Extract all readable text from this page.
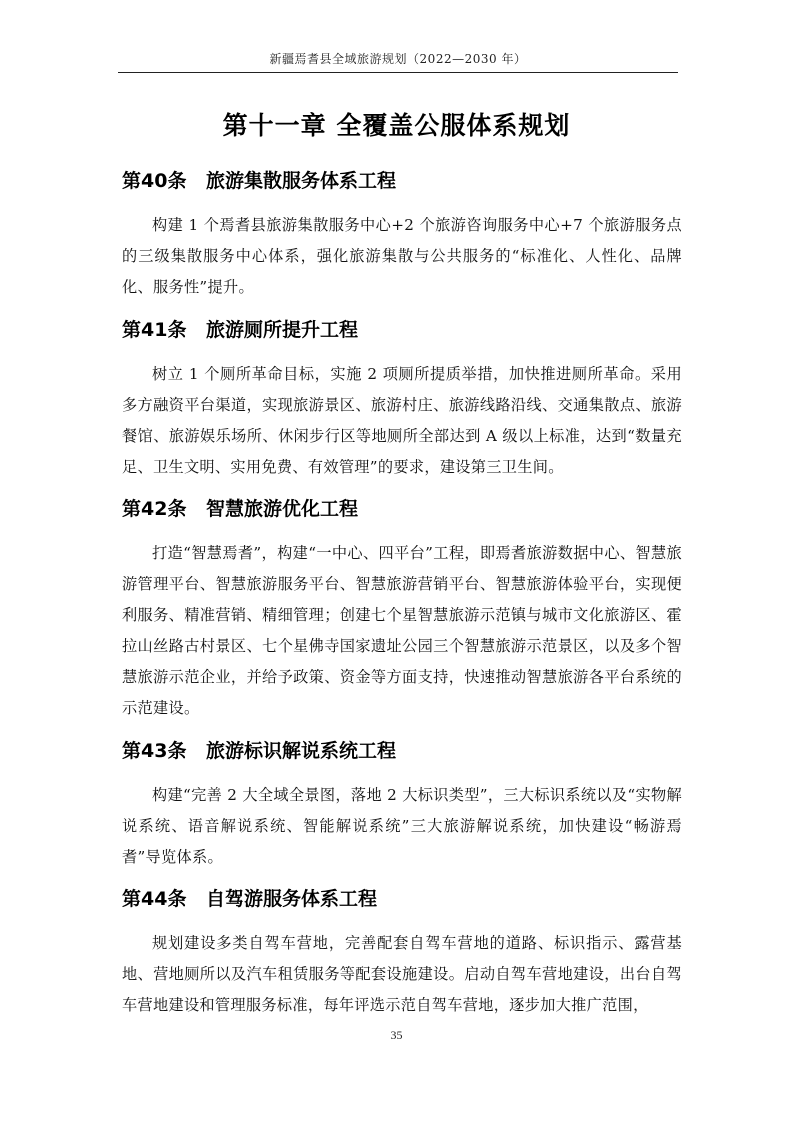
新疆焉耆县全域旅游规划（2022—2030 年）
第十一章 全覆盖公服体系规划
第40条 旅游集散服务体系工程

构建 1 个焉耆县旅游集散服务中心+2 个旅游咨询服务中心+7 个旅游服务点的三级集散服务中心体系，强化旅游集散与公共服务的“标准化、人性化、品牌化、服务性”提升。

第41条 旅游厕所提升工程

树立 1 个厕所革命目标，实施 2 项厕所提质举措，加快推进厕所革命。采用多方融资平台渠道，实现旅游景区、旅游村庄、旅游线路沿线、交通集散点、旅游餐馆、旅游娱乐场所、休闲步行区等地厕所全部达到 A 级以上标准，达到“数量充足、卫生文明、实用免费、有效管理”的要求，建设第三卫生间。

第42条 智慧旅游优化工程

打造“智慧焉耆”，构建“一中心、四平台”工程，即焉耆旅游数据中心、智慧旅游管理平台、智慧旅游服务平台、智慧旅游营销平台、智慧旅游体验平台，实现便利服务、精准营销、精细管理；创建七个星智慧旅游示范镇与城市文化旅游区、霍拉山丝路古村景区、七个星佛寺国家遗址公园三个智慧旅游示范景区，以及多个智慧旅游示范企业，并给予政策、资金等方面支持，快速推动智慧旅游各平台系统的示范建设。

第43条 旅游标识解说系统工程

构建“完善 2 大全域全景图，落地 2 大标识类型”，三大标识系统以及“实物解说系统、语音解说系统、智能解说系统”三大旅游解说系统，加快建设“畅游焉耆”导览体系。

第44条 自驾游服务体系工程

规划建设多类自驾车营地，完善配套自驾车营地的道路、标识指示、露营基地、营地厕所以及汽车租赁服务等配套设施建设。启动自驾车营地建设，出台自驾车营地建设和管理服务标准，每年评选示范自驾车营地，逐步加大推广范围，

35
